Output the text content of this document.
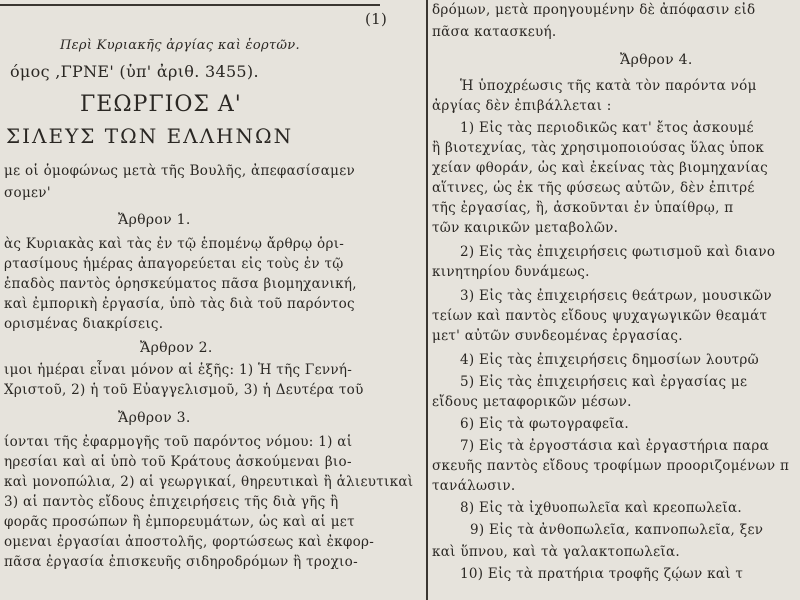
(1)
Περὶ Κυριακῆς ἀργίας καὶ ἑορτῶν.
όμος ,ΓΡΝΕ' (ὑπ' ἀριθ. 3455).
ΓΕΩΡΓΙΟΣ Α'
ΣΙΛΕΥΣ ΤΩΝ ΕΛΛΗΝΩΝ
με οἱ ὁμοφώνως μετὰ τῆς Βουλῆς, ἀπεφασίσαμεν
σομεν'
Ἄρθρον 1.
ὰς Κυριακὰς καὶ τὰς ἐν τῷ ἑπομένῳ ἄρθρῳ ὁρι-
ρτασίμους ἡμέρας ἀπαγορεύεται εἰς τοὺς ἐν τῷ
ἐπαδὸς παντὸς ὁρησκεύματος πᾶσα βιομηχανική,
καὶ ἐμπορικὴ ἐργασία, ὑπὸ τὰς διὰ τοῦ παρόντος
ορισμένας διακρίσεις.
Ἄρθρον 2.
ιμοι ἡμέραι εἶναι μόνον αἱ ἑξῆς: 1) Ἡ τῆς Γεννή-
Χριστοῦ, 2) ἡ τοῦ Εὐαγγελισμοῦ, 3) ἡ Δευτέρα τοῦ
Ἄρθρον 3.
ίονται τῆς ἐφαρμογῆς τοῦ παρόντος νόμου: 1) αἱ
ηρεσίαι καὶ αἱ ὑπὸ τοῦ Κράτους ἀσκούμεναι βιο-
καὶ μονοπώλια, 2) αἱ γεωργικαί, θηρευτικαὶ ἢ ἁλιευτικαὶ
3) αἱ παντὸς εἴδους ἐπιχειρήσεις τῆς διὰ γῆς ἢ
φορᾶς προσώπων ἢ ἐμπορευμάτων, ὡς καὶ αἱ μετ
ομεναι ἐργασίαι ἀποστολῆς, φορτώσεως καὶ ἐκφορ-
πᾶσα ἐργασία ἐπισκευῆς σιδηροδρόμων ἢ τροχιο-
δρόμων, μετὰ προηγουμένην δὲ ἀπόφασιν εἰδ
πᾶσα κατασκευή.
Ἄρθρον 4.
Ἡ ὑποχρέωσις τῆς κατὰ τὸν παρόντα νόμ
ἀργίας δὲν ἐπιβάλλεται :
1) Εἰς τὰς περιοδικῶς κατ' ἔτος ἀσκουμέ
ἢ βιοτεχνίας, τὰς χρησιμοποιούσας ὕλας ὑποκ
χείαν φθοράν, ὡς καὶ ἐκείνας τὰς βιομηχανίας
αἵτινες, ὡς ἐκ τῆς φύσεως αὐτῶν, δὲν ἐπιτρέ
τῆς ἐργασίας, ἢ, ἀσκοῦνται ἐν ὑπαίθρῳ, π
τῶν καιρικῶν μεταβολῶν.
2) Εἰς τὰς ἐπιχειρήσεις φωτισμοῦ καὶ διανο
κινητηρίου δυνάμεως.
3) Εἰς τὰς ἐπιχειρήσεις θεάτρων, μουσικῶν
τείων καὶ παντὸς εἴδους ψυχαγωγικῶν θεαμάτ
μετ' αὐτῶν συνδεομένας ἐργασίας.
4) Εἰς τὰς ἐπιχειρήσεις δημοσίων λουτρῶ
5) Εἰς τὰς ἐπιχειρήσεις καὶ ἐργασίας με
εἴδους μεταφορικῶν μέσων.
6) Εἰς τὰ φωτογραφεῖα.
7) Εἰς τὰ ἐργοστάσια καὶ ἐργαστήρια παρα
σκευῆς παντὸς εἴδους τροφίμων προοριζομένων π
τανάλωσιν.
8) Εἰς τὰ ἰχθυοπωλεῖα καὶ κρεοπωλεῖα.
9) Εἰς τὰ ἀνθοπωλεῖα, καπνοπωλεῖα, ξεν
καὶ ὕπνου, καὶ τὰ γαλακτοπωλεῖα.
10) Εἰς τὰ πρατήρια τροφῆς ζῴων καὶ τ
